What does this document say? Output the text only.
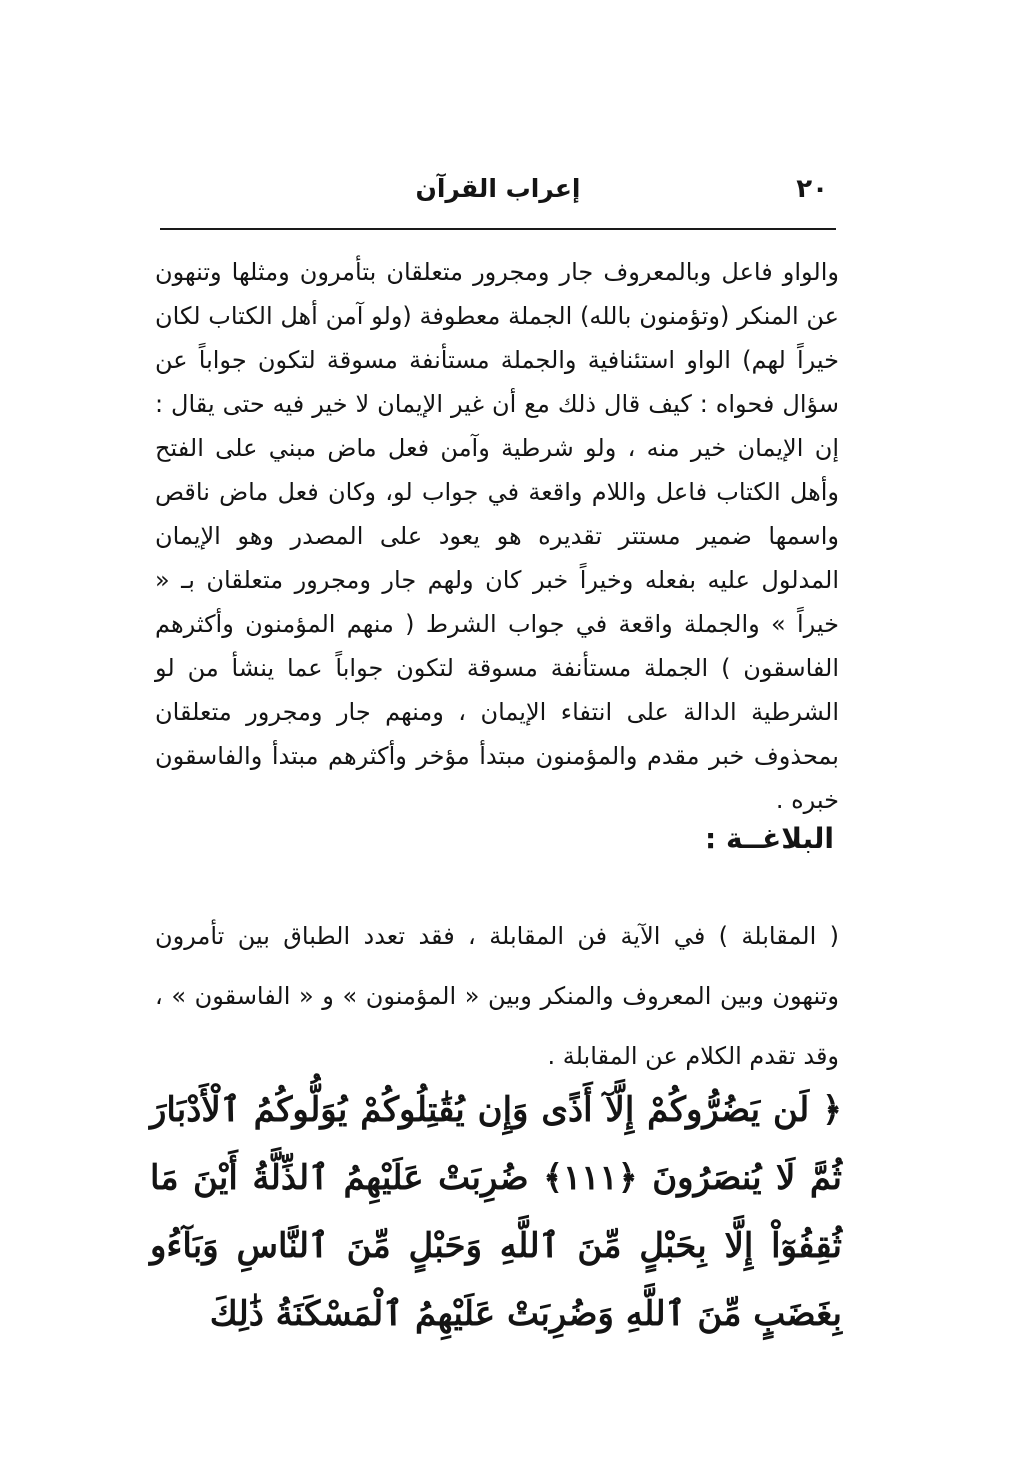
٢٠
إعراب القرآن

والواو فاعل وبالمعروف جار ومجرور متعلقان بتأمرون ومثلها وتنهون عن المنكر (وتؤمنون بالله) الجملة معطوفة (ولو آمن أهل الكتاب لكان خيراً لهم) الواو استئنافية والجملة مستأنفة مسوقة لتكون جواباً عن سؤال فحواه : كيف قال ذلك مع أن غير الإيمان لا خير فيه حتى يقال : إن الإيمان خير منه ، ولو شرطية وآمن فعل ماض مبني على الفتح وأهل الكتاب فاعل واللام واقعة في جواب لو، وكان فعل ماض ناقص واسمها ضمير مستتر تقديره هو يعود على المصدر وهو الإيمان المدلول عليه بفعله وخيراً خبر كان ولهم جار ومجرور متعلقان بـ « خيراً » والجملة واقعة في جواب الشرط ( منهم المؤمنون وأكثرهم الفاسقون ) الجملة مستأنفة مسوقة لتكون جواباً عما ينشأ من لو الشرطية الدالة على انتفاء الإيمان ، ومنهم جار ومجرور متعلقان بمحذوف خبر مقدم والمؤمنون مبتدأ مؤخر وأكثرهم مبتدأ والفاسقون خبره .

البلاغــة :

( المقابلة ) في الآية فن المقابلة ، فقد تعدد الطباق بين تأمرون وتنهون وبين المعروف والمنكر وبين « المؤمنون » و « الفاسقون » ، وقد تقدم الكلام عن المقابلة .

﴿ لَن يَضُرُّوكُمْ إِلَّآ أَذًى وَإِن يُقَٰتِلُوكُمْ يُوَلُّوكُمُ ٱلْأَدْبَارَ ثُمَّ لَا يُنصَرُونَ ﴿١١١﴾ ضُرِبَتْ عَلَيْهِمُ ٱلذِّلَّةُ أَيْنَ مَا ثُقِفُوٓاْ إِلَّا بِحَبْلٍ مِّنَ ٱللَّهِ وَحَبْلٍ مِّنَ ٱلنَّاسِ وَبَآءُو بِغَضَبٍ مِّنَ ٱللَّهِ وَضُرِبَتْ عَلَيْهِمُ ٱلْمَسْكَنَةُ ذَٰلِكَ
